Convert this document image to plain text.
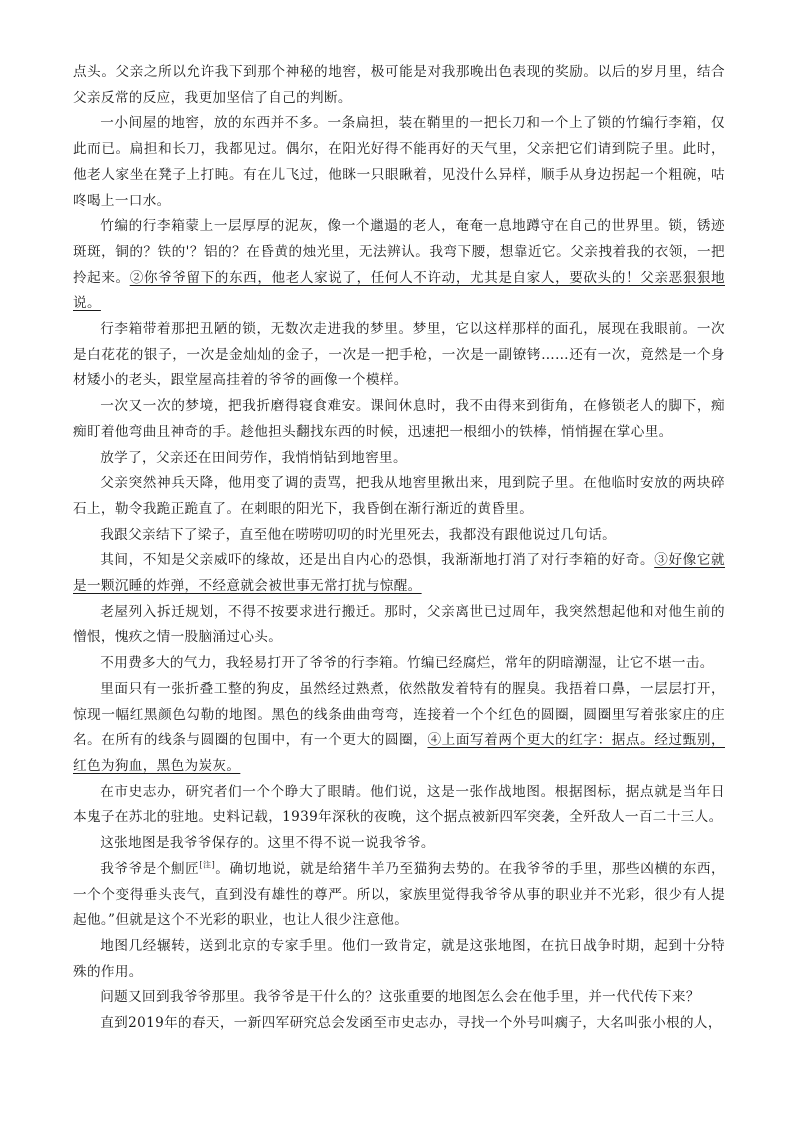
点头。父亲之所以允许我下到那个神秘的地窖，极可能是对我那晚出色表现的奖励。以后的岁月里，结合父亲反常的反应，我更加坚信了自己的判断。

一小间屋的地窖，放的东西并不多。一条扁担，装在鞘里的一把长刀和一个上了锁的竹编行李箱，仅此而已。扁担和长刀，我都见过。偶尔，在阳光好得不能再好的天气里，父亲把它们请到院子里。此时，他老人家坐在凳子上打盹。有在儿飞过，他眯一只眼瞅着，见没什么异样，顺手从身边拐起一个粗碗，咕咚喝上一口水。

竹编的行李箱蒙上一层厚厚的泥灰，像一个邋遢的老人，奄奄一息地蹲守在自己的世界里。锁，锈迹斑斑，铜的？铁的'？铝的？在昏黄的烛光里，无法辨认。我弯下腰，想靠近它。父亲拽着我的衣领，一把拎起来。②你爷爷留下的东西，他老人家说了，任何人不许动，尤其是自家人，要砍头的！父亲恶狠狠地说。

行李箱带着那把丑陋的锁，无数次走进我的梦里。梦里，它以这样那样的面孔，展现在我眼前。一次是白花花的银子，一次是金灿灿的金子，一次是一把手枪，一次是一副镣铐……还有一次，竟然是一个身材矮小的老头，跟堂屋高挂着的爷爷的画像一个模样。

一次又一次的梦境，把我折磨得寝食难安。课间休息时，我不由得来到街角，在修锁老人的脚下，痴痴盯着他弯曲且神奇的手。趁他担头翻找东西的时候，迅速把一根细小的铁棒，悄悄握在掌心里。

放学了，父亲还在田间劳作，我悄悄钻到地窖里。

父亲突然神兵天降，他用变了调的责骂，把我从地窖里揪出来，甩到院子里。在他临时安放的两块碎石上，勒令我跪正跪直了。在刺眼的阳光下，我昏倒在渐行渐近的黄昏里。

我跟父亲结下了梁子，直至他在唠唠叨叨的时光里死去，我都没有跟他说过几句话。

其间，不知是父亲威吓的缘故，还是出自内心的恐惧，我渐渐地打消了对行李箱的好奇。③好像它就是一颗沉睡的炸弹，不经意就会被世事无常打扰与惊醒。

老屋列入拆迁规划，不得不按要求进行搬迁。那时，父亲离世已过周年，我突然想起他和对他生前的憎恨，愧疚之情一股脑涌过心头。

不用费多大的气力，我轻易打开了爷爷的行李箱。竹编已经腐烂，常年的阴暗潮湿，让它不堪一击。

里面只有一张折叠工整的狗皮，虽然经过熟煮，依然散发着特有的腥臭。我捂着口鼻，一层层打开，惊现一幅红黑颜色勾勒的地图。黑色的线条曲曲弯弯，连接着一个个红色的圆圈，圆圈里写着张家庄的庄名。在所有的线条与圆圈的包围中，有一个更大的圆圈，④上面写着两个更大的红字：据点。经过甄别，红色为狗血，黑色为炭灰。

在市史志办，研究者们一个个睁大了眼睛。他们说，这是一张作战地图。根据图标，据点就是当年日本鬼子在苏北的驻地。史料记载，1939年深秋的夜晚，这个据点被新四军突袭，全歼敌人一百二十三人。

这张地图是我爷爷保存的。这里不得不说一说我爷爷。

我爷爷是个劁匠[注]。确切地说，就是给猪牛羊乃至猫狗去势的。在我爷爷的手里，那些凶横的东西，一个个变得垂头丧气，直到没有雄性的尊严。所以，家族里觉得我爷爷从事的职业并不光彩，很少有人提起他。”但就是这个不光彩的职业，也让人很少注意他。

地图几经辗转，送到北京的专家手里。他们一致肯定，就是这张地图，在抗日战争时期，起到十分特殊的作用。

问题又回到我爷爷那里。我爷爷是干什么的？这张重要的地图怎么会在他手里，并一代代传下来？

直到2019年的春天，一新四军研究总会发函至市史志办，寻找一个外号叫瘸子，大名叫张小根的人，
